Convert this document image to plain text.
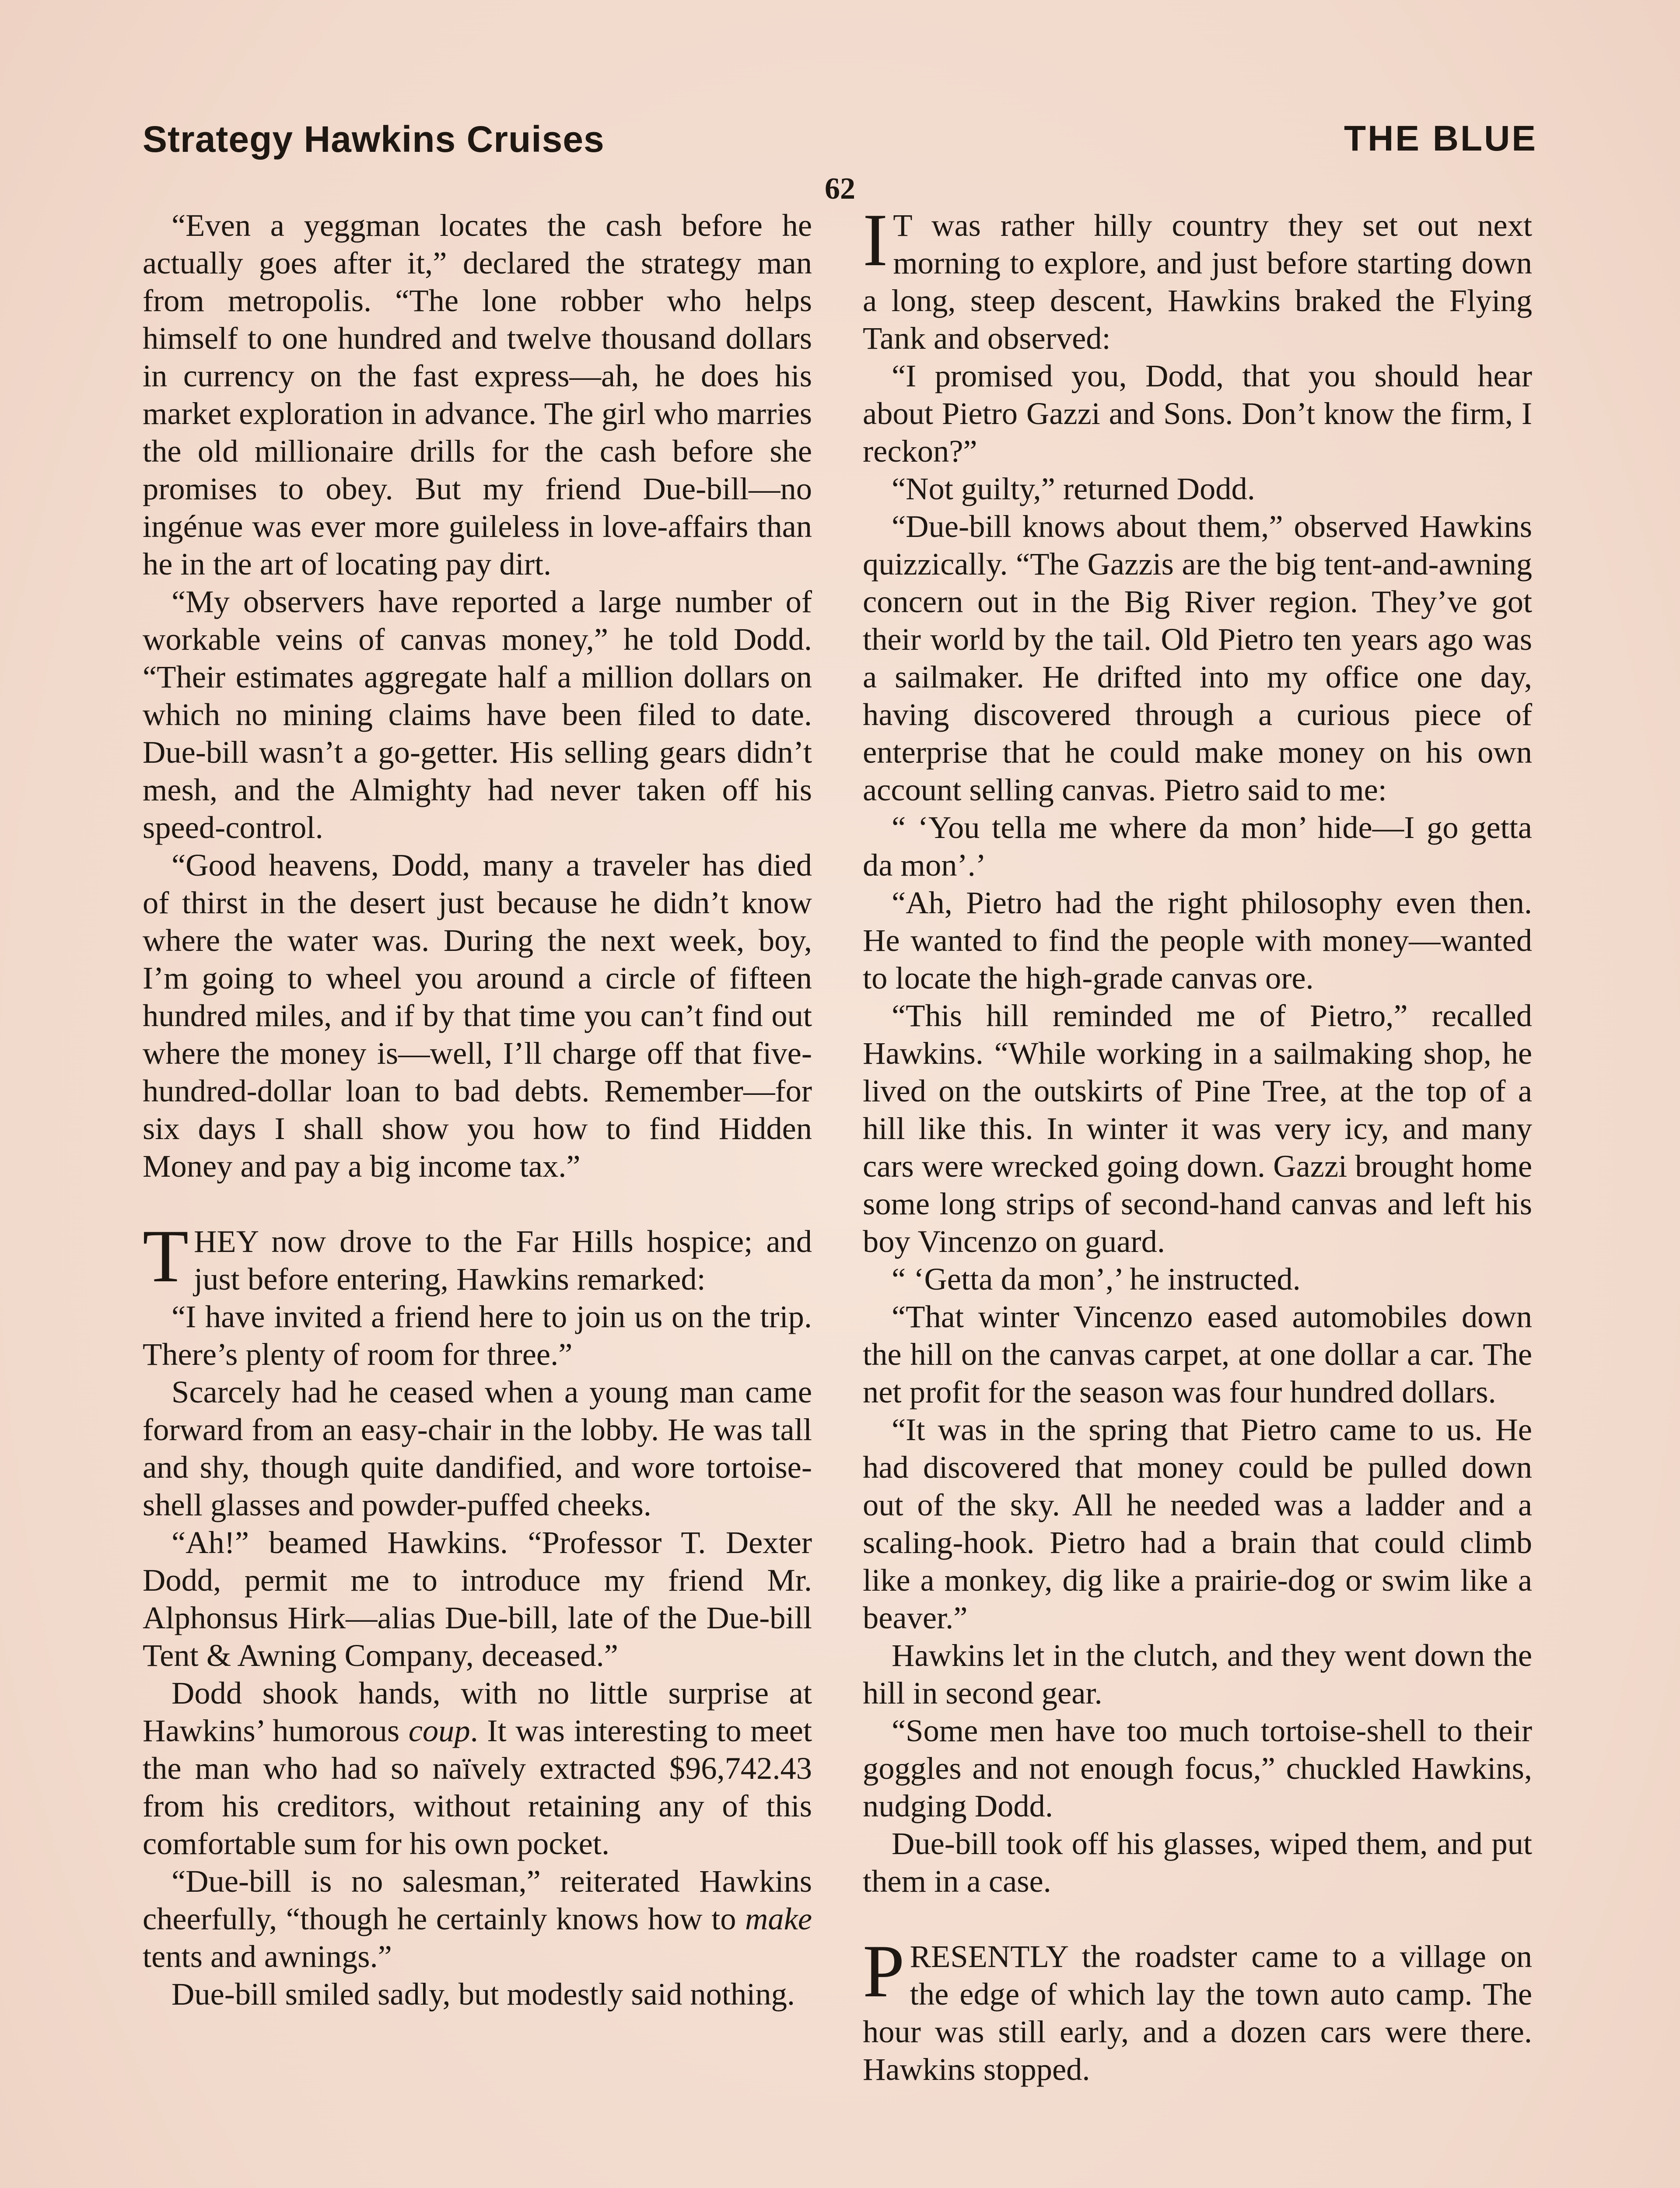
Strategy Hawkins Cruises	THE BLUE
62

“Even a yeggman locates the cash before he actually goes after it,” declared the strategy man from metropolis. “The lone robber who helps himself to one hundred and twelve thousand dollars in currency on the fast express—ah, he does his market exploration in advance. The girl who marries the old millionaire drills for the cash before she promises to obey. But my friend Due-bill—no ingénue was ever more guileless in love-affairs than he in the art of locating pay dirt.

“My observers have reported a large number of workable veins of canvas money,” he told Dodd. “Their estimates aggregate half a million dollars on which no mining claims have been filed to date. Due-bill wasn’t a go-getter. His selling gears didn’t mesh, and the Almighty had never taken off his speed-control.

“Good heavens, Dodd, many a traveler has died of thirst in the desert just because he didn’t know where the water was. During the next week, boy, I’m going to wheel you around a circle of fifteen hundred miles, and if by that time you can’t find out where the money is—well, I’ll charge off that five-hundred-dollar loan to bad debts. Remember—for six days I shall show you how to find Hidden Money and pay a big income tax.”

THEY now drove to the Far Hills hospice; and just before entering, Hawkins remarked:

“I have invited a friend here to join us on the trip. There’s plenty of room for three.”

Scarcely had he ceased when a young man came forward from an easy-chair in the lobby. He was tall and shy, though quite dandified, and wore tortoise-shell glasses and powder-puffed cheeks.

“Ah!” beamed Hawkins. “Professor T. Dexter Dodd, permit me to introduce my friend Mr. Alphonsus Hirk—alias Due-bill, late of the Due-bill Tent & Awning Company, deceased.”

Dodd shook hands, with no little surprise at Hawkins’ humorous coup. It was interesting to meet the man who had so naïvely extracted $96,742.43 from his creditors, without retaining any of this comfortable sum for his own pocket.

“Due-bill is no salesman,” reiterated Hawkins cheerfully, “though he certainly knows how to make tents and awnings.”

Due-bill smiled sadly, but modestly said nothing.

I T was rather hilly country they set out next morning to explore, and just before starting down a long, steep descent, Hawkins braked the Flying Tank and observed:

“I promised you, Dodd, that you should hear about Pietro Gazzi and Sons. Don’t know the firm, I reckon?”

“Not guilty,” returned Dodd.

“Due-bill knows about them,” observed Hawkins quizzically. “The Gazzis are the big tent-and-awning concern out in the Big River region. They’ve got their world by the tail. Old Pietro ten years ago was a sailmaker. He drifted into my office one day, having discovered through a curious piece of enterprise that he could make money on his own account selling canvas. Pietro said to me:

“ ‘You tella me where da mon’ hide—I go getta da mon’.’

“Ah, Pietro had the right philosophy even then. He wanted to find the people with money—wanted to locate the high-grade canvas ore.

“This hill reminded me of Pietro,” recalled Hawkins. “While working in a sailmaking shop, he lived on the outskirts of Pine Tree, at the top of a hill like this. In winter it was very icy, and many cars were wrecked going down. Gazzi brought home some long strips of second-hand canvas and left his boy Vincenzo on guard.

“ ‘Getta da mon’,’ he instructed.

“That winter Vincenzo eased automobiles down the hill on the canvas carpet, at one dollar a car. The net profit for the season was four hundred dollars.

“It was in the spring that Pietro came to us. He had discovered that money could be pulled down out of the sky. All he needed was a ladder and a scaling-hook. Pietro had a brain that could climb like a monkey, dig like a prairie-dog or swim like a beaver.”

Hawkins let in the clutch, and they went down the hill in second gear.

“Some men have too much tortoise-shell to their goggles and not enough focus,” chuckled Hawkins, nudging Dodd.

Due-bill took off his glasses, wiped them, and put them in a case.

PRESENTLY the roadster came to a village on the edge of which lay the town auto camp. The hour was still early, and a dozen cars were there. Hawkins stopped.
